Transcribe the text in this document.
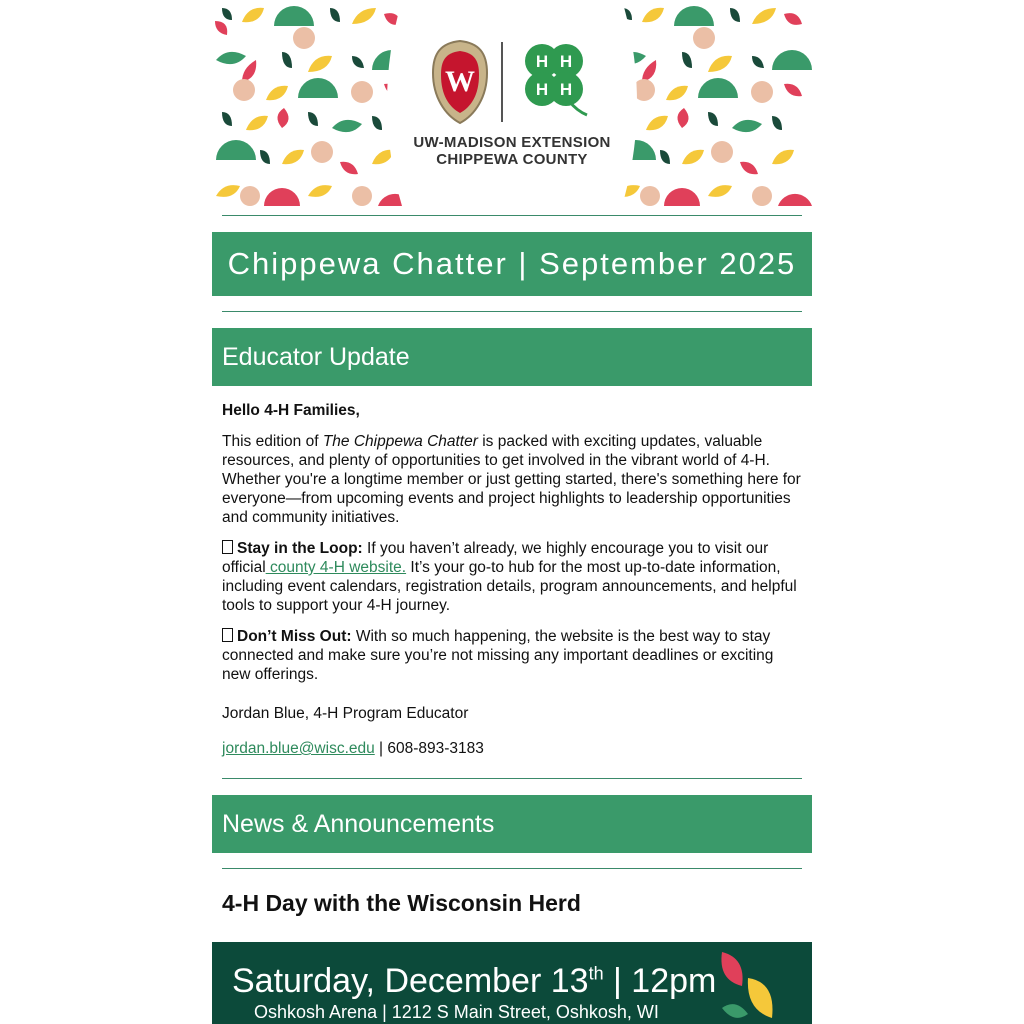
W
H H
H H
UW-MADISON EXTENSION
CHIPPEWA COUNTY
Chippewa Chatter | September 2025
Educator Update

Hello 4-H Families,

This edition of The Chippewa Chatter is packed with exciting updates, valuable resources, and plenty of opportunities to get involved in the vibrant world of 4-H. Whether you're a longtime member or just getting started, there's something here for everyone—from upcoming events and project highlights to leadership opportunities and community initiatives.

Stay in the Loop: If you haven’t already, we highly encourage you to visit our official county 4-H website. It’s your go-to hub for the most up-to-date information, including event calendars, registration details, program announcements, and helpful tools to support your 4-H journey.

Don’t Miss Out: With so much happening, the website is the best way to stay connected and make sure you’re not missing any important deadlines or exciting new offerings.

Jordan Blue, 4-H Program Educator

jordan.blue@wisc.edu | 608-893-3183

News & Announcements
4-H Day with the Wisconsin Herd
Saturday, December 13th | 12pm
Oshkosh Arena | 1212 S Main Street, Oshkosh, WI
